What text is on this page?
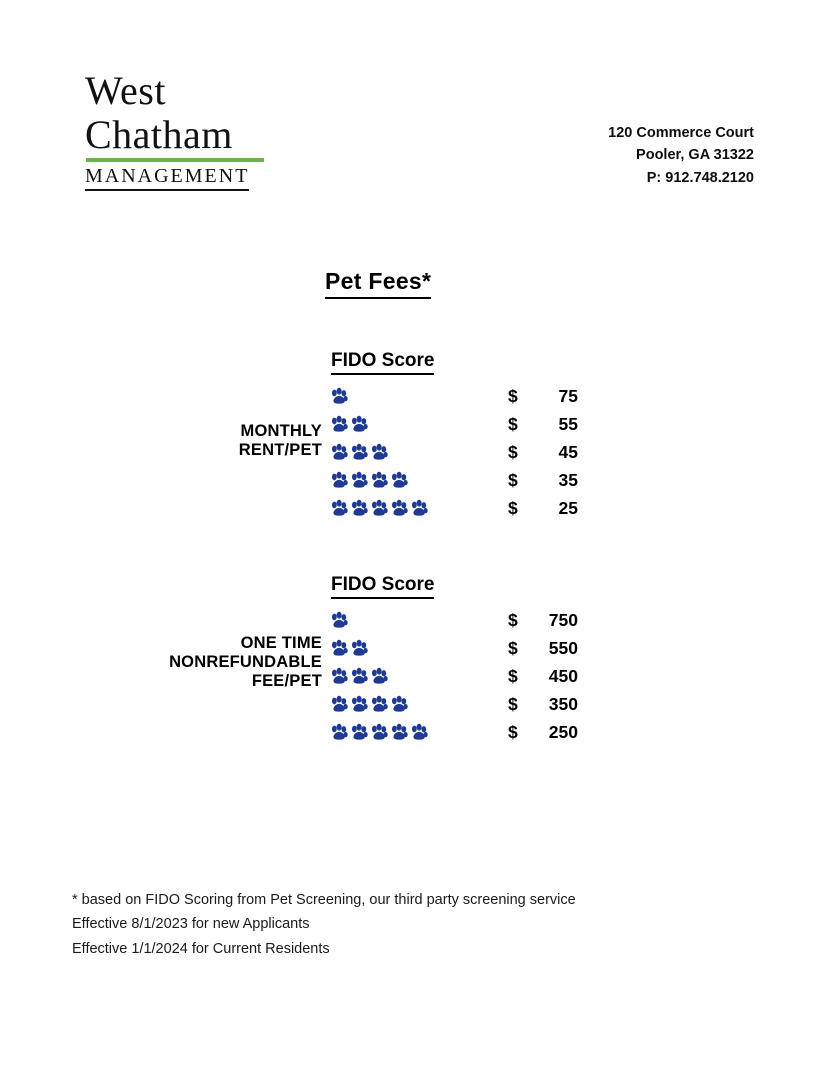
West
Chatham
MANAGEMENT
120 Commerce Court
Pooler, GA 31322
P: 912.748.2120
Pet Fees*
FIDO Score
MONTHLY
RENT/PET
$ 75
$ 55
$ 45
$ 35
$ 25
FIDO Score
ONE TIME
NONREFUNDABLE
FEE/PET
$ 750
$ 550
$ 450
$ 350
$ 250
* based on FIDO Scoring from Pet Screening, our third party screening service
Effective 8/1/2023 for new Applicants
Effective 1/1/2024 for Current Residents
